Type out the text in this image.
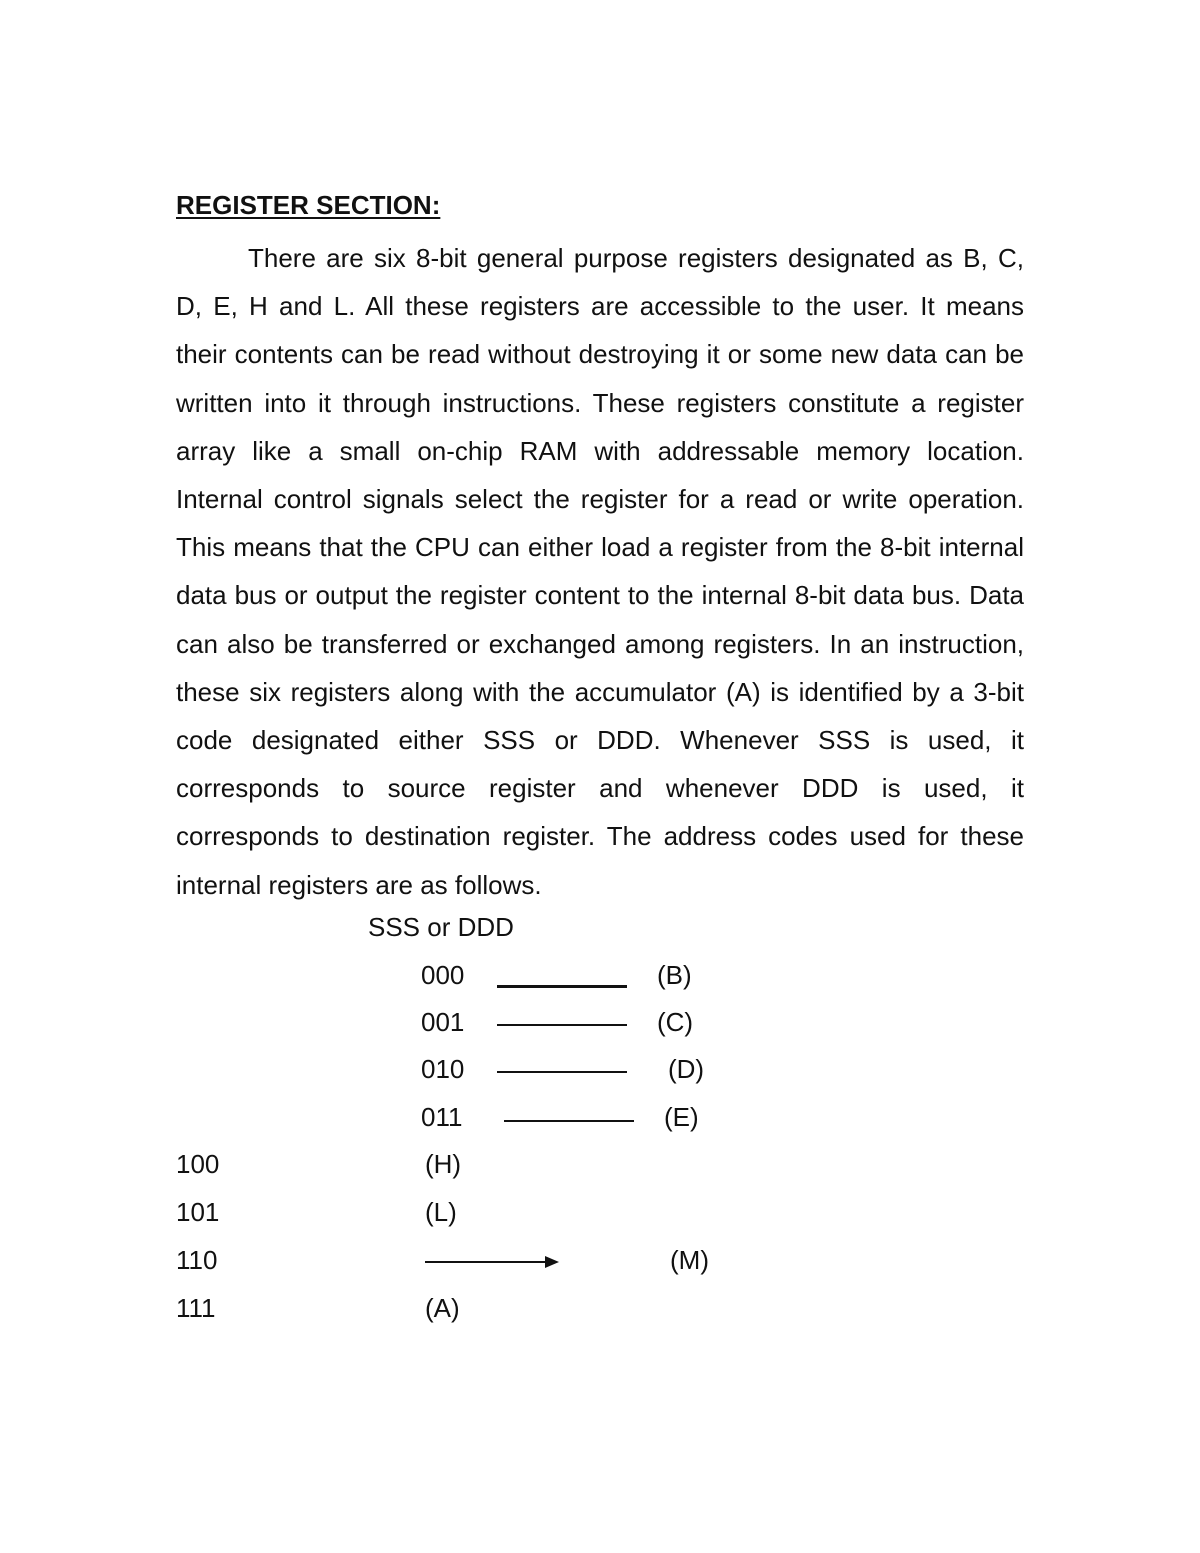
REGISTER SECTION:

There are six 8-bit general purpose registers designated as B, C, D, E, H and L. All these registers are accessible to the user. It means their contents can be read without destroying it or some new data can be written into it through instructions. These registers constitute a register array like a small on-chip RAM with addressable memory location. Internal control signals select the register for a read or write operation. This means that the CPU can either load a register from the 8-bit internal data bus or output the register content to the internal 8-bit data bus. Data can also be transferred or exchanged among registers. In an instruction, these six registers along with the accumulator (A) is identified by a 3-bit code designated either SSS or DDD. Whenever SSS is used, it corresponds to source register and whenever DDD is used, it corresponds to destination register. The address codes used for these internal registers are as follows.

SSS or DDD
000	(B)
001	(C)
010	(D)
011	(E)
100	(H)
101	(L)
110	(M)
111	(A)
